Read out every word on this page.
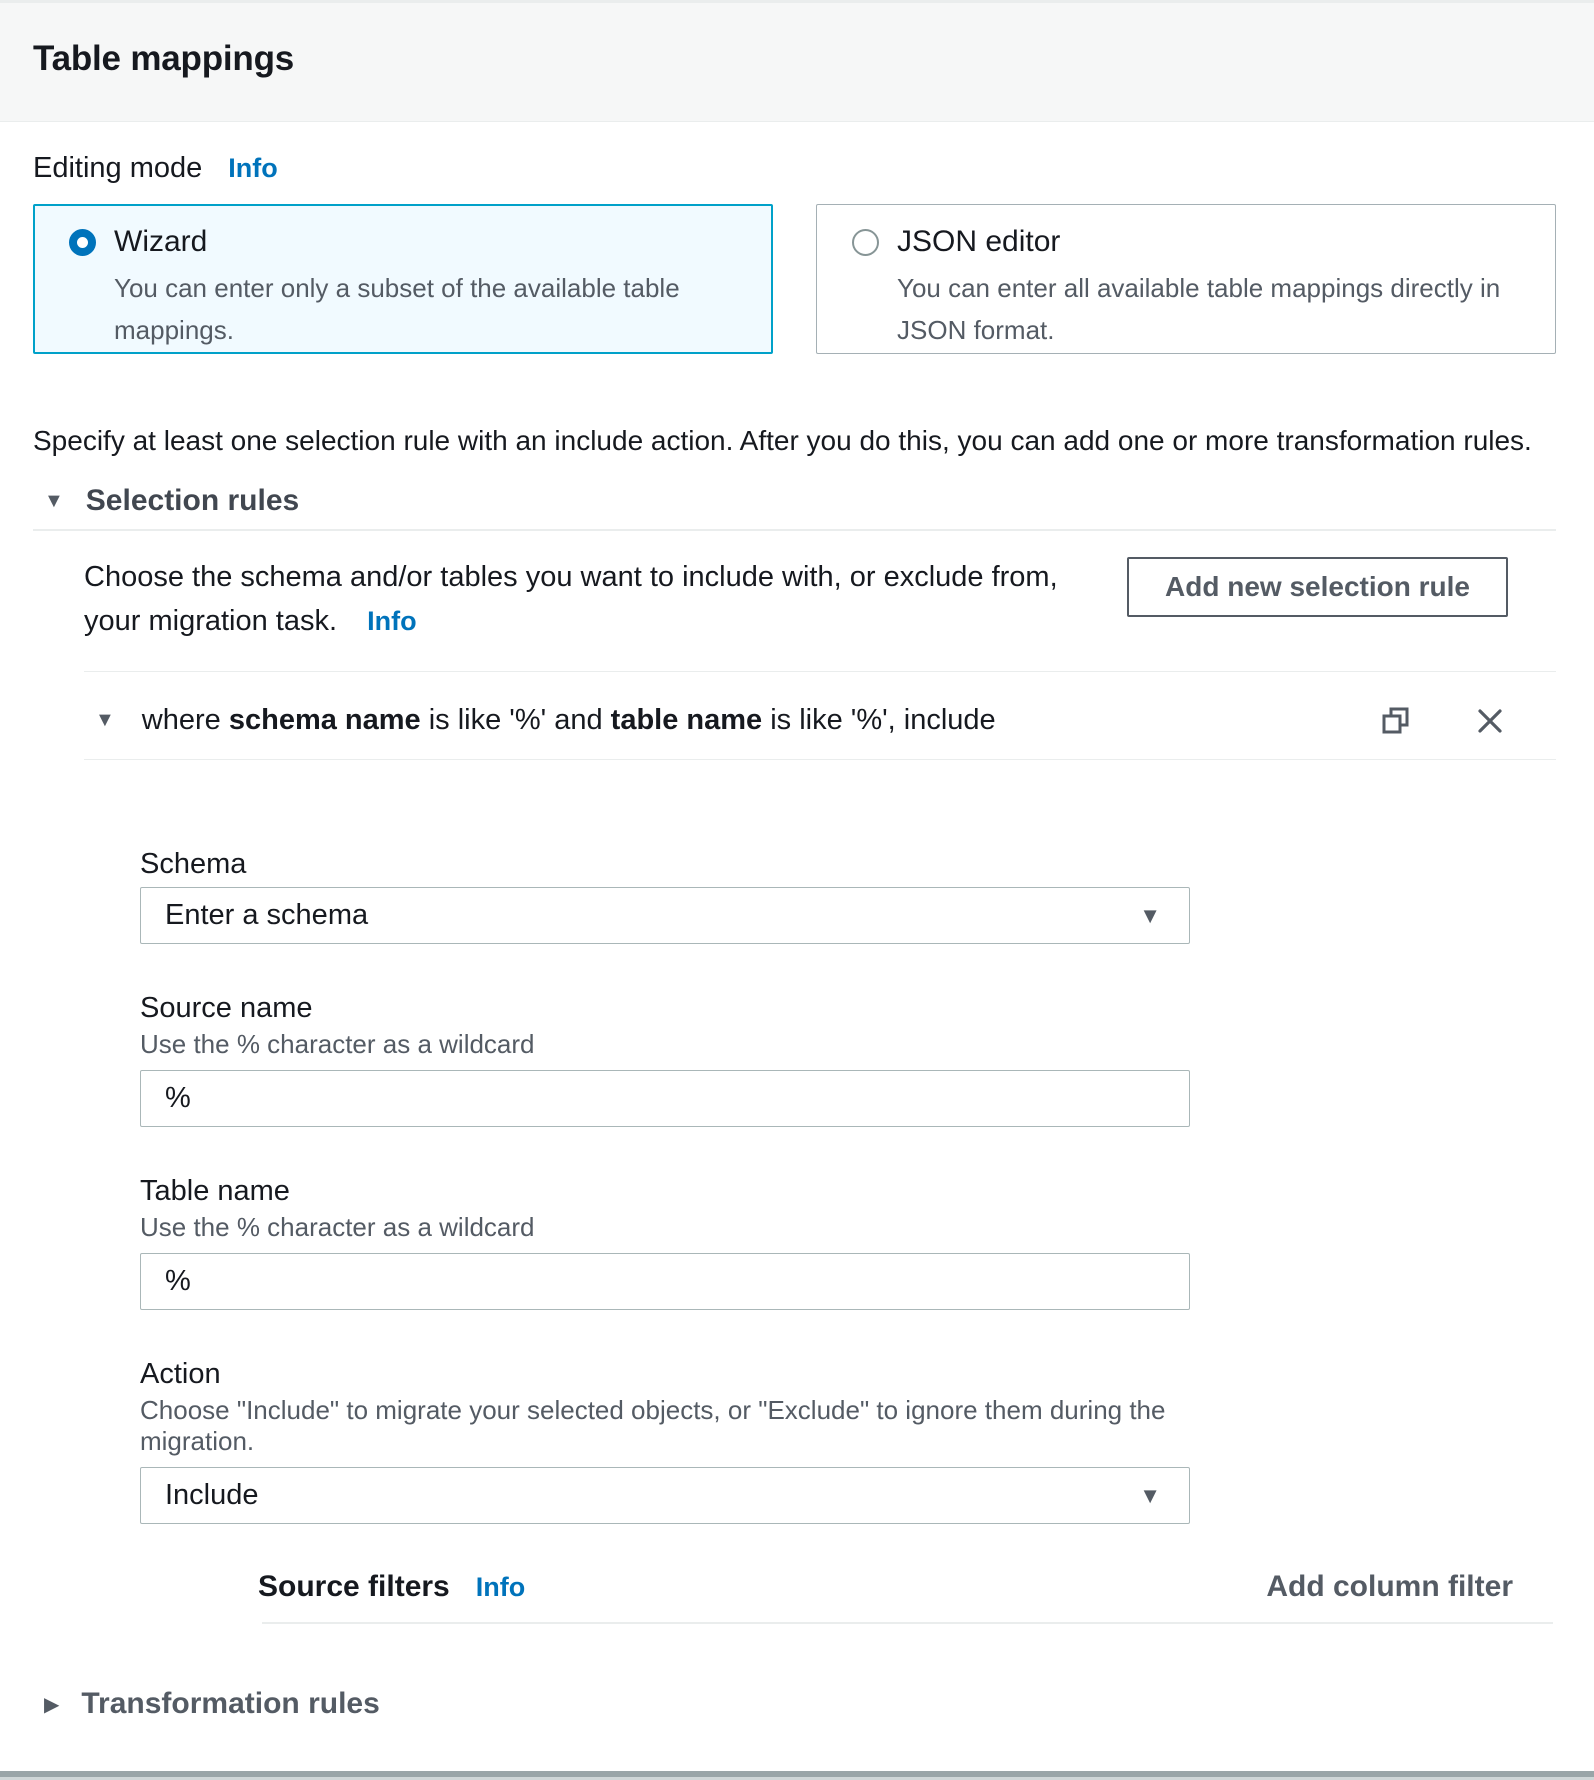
Table mappings
Editing mode Info
Wizard
You can enter only a subset of the available table mappings.
JSON editor
You can enter all available table mappings directly in JSON format.
Specify at least one selection rule with an include action. After you do this, you can add one or more transformation rules.
▼ Selection rules
Choose the schema and/or tables you want to include with, or exclude from, your migration task. Info
Add new selection rule
▼ where schema name is like '%' and table name is like '%', include
Schema
Enter a schema	▼
Source name
Use the % character as a wildcard
%
Table name
Use the % character as a wildcard
%
Action
Choose "Include" to migrate your selected objects, or "Exclude" to ignore them during the migration.
Include	▼
Source filters Info	Add column filter
▶ Transformation rules
